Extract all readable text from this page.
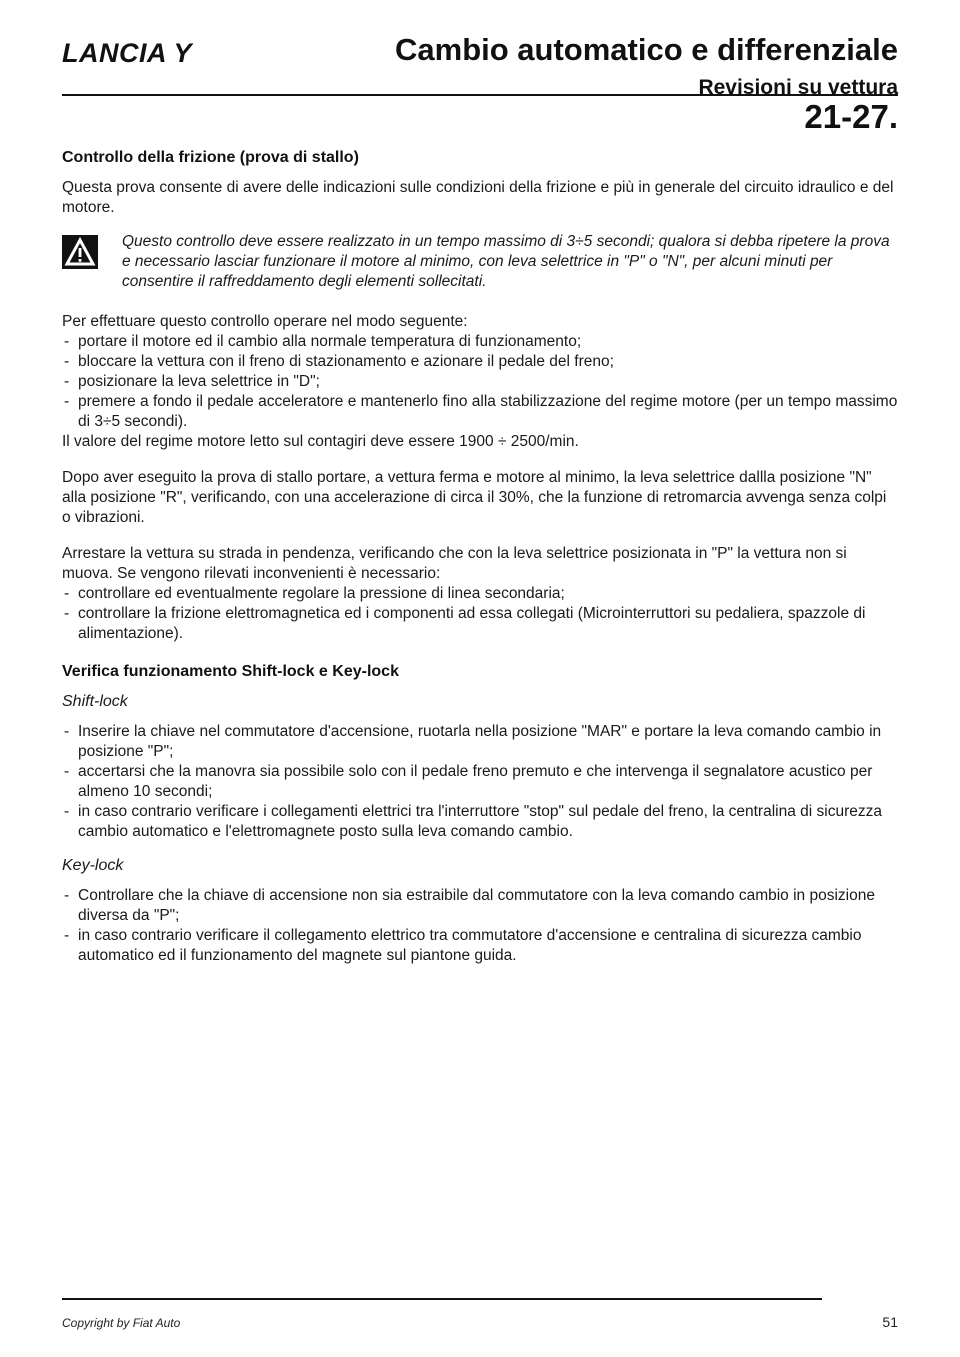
LANCIA Y	Cambio automatico e differenziale
Revisioni su vettura
21-27.
Controllo della frizione (prova di stallo)

Questa prova consente di avere delle indicazioni sulle condizioni della frizione e più in generale del circuito idraulico e del motore.

Questo controllo deve essere realizzato in un tempo massimo di 3÷5 secondi; qualora si debba ripetere la prova e necessario lasciar funzionare il motore al minimo, con leva selettrice in "P" o "N", per alcuni minuti per consentire il raffreddamento degli elementi sollecitati.

Per effettuare questo controllo operare nel modo seguente:

- portare il motore ed il cambio alla normale temperatura di funzionamento;
- bloccare la vettura con il freno di stazionamento e azionare il pedale del freno;
- posizionare la leva selettrice in "D";
- premere a fondo il pedale acceleratore e mantenerlo fino alla stabilizzazione del regime motore (per un tempo massimo di 3÷5 secondi).

Il valore del regime motore letto sul contagiri deve essere 1900 ÷ 2500/min.

Dopo aver eseguito la prova di stallo portare, a vettura ferma e motore al minimo, la leva selettrice dallla posizione "N" alla posizione "R", verificando, con una accelerazione di circa il 30%, che la funzione di retromarcia avvenga senza colpi o vibrazioni.

Arrestare la vettura su strada in pendenza, verificando che con la leva selettrice posizionata in "P" la vettura non si muova. Se vengono rilevati inconvenienti è necessario:

- controllare ed eventualmente regolare la pressione di linea secondaria;
- controllare la frizione elettromagnetica ed i componenti ad essa collegati (Microinterruttori su pedaliera, spazzole di alimentazione).
Verifica funzionamento Shift-lock e Key-lock
Shift-lock
- Inserire la chiave nel commutatore d'accensione, ruotarla nella posizione "MAR" e portare la leva comando cambio in posizione "P";
- accertarsi che la manovra sia possibile solo con il pedale freno premuto e che intervenga il segnalatore acustico per almeno 10 secondi;
- in caso contrario verificare i collegamenti elettrici tra l'interruttore "stop" sul pedale del freno, la centralina di sicurezza cambio automatico e l'elettromagnete posto sulla leva comando cambio.
Key-lock
- Controllare che la chiave di accensione non sia estraibile dal commutatore con la leva comando cambio in posizione diversa da "P";
- in caso contrario verificare il collegamento elettrico tra commutatore d'accensione e centralina di sicurezza cambio automatico ed il funzionamento del magnete sul piantone guida.
Copyright by Fiat Auto	51
